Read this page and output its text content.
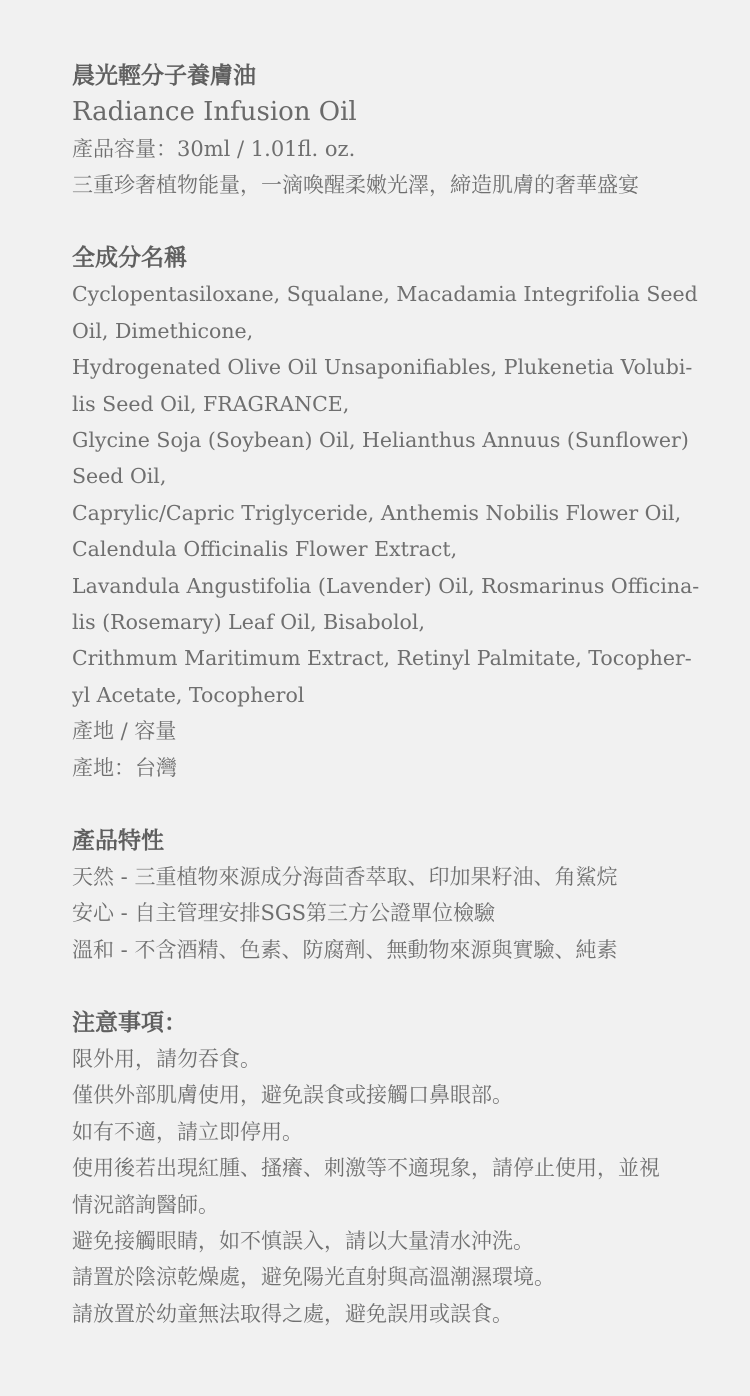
晨光輕分子養膚油

Radiance Infusion Oil

產品容量：30ml / 1.01fl. oz.

三重珍奢植物能量，一滴喚醒柔嫩光澤，締造肌膚的奢華盛宴

全成分名稱

Cyclopentasiloxane, Squalane, Macadamia Integrifolia Seed

Oil, Dimethicone,

Hydrogenated Olive Oil Unsaponifiables, Plukenetia Volubi-

lis Seed Oil, FRAGRANCE,

Glycine Soja (Soybean) Oil, Helianthus Annuus (Sunflower)

Seed Oil,

Caprylic/Capric Triglyceride, Anthemis Nobilis Flower Oil,

Calendula Officinalis Flower Extract,

Lavandula Angustifolia (Lavender) Oil, Rosmarinus Officina-

lis (Rosemary) Leaf Oil, Bisabolol,

Crithmum Maritimum Extract, Retinyl Palmitate, Tocopher-

yl Acetate, Tocopherol

產地 / 容量

產地：台灣

產品特性

天然 - 三重植物來源成分海茴香萃取、印加果籽油、角鯊烷

安心 - 自主管理安排SGS第三方公證單位檢驗

溫和 - 不含酒精、色素、防腐劑、無動物來源與實驗、純素

注意事項：

限外用，請勿吞食。

僅供外部肌膚使用，避免誤食或接觸口鼻眼部。

如有不適，請立即停用。

使用後若出現紅腫、搔癢、刺激等不適現象，請停止使用，並視

情況諮詢醫師。

避免接觸眼睛，如不慎誤入，請以大量清水沖洗。

請置於陰涼乾燥處，避免陽光直射與高溫潮濕環境。

請放置於幼童無法取得之處，避免誤用或誤食。
